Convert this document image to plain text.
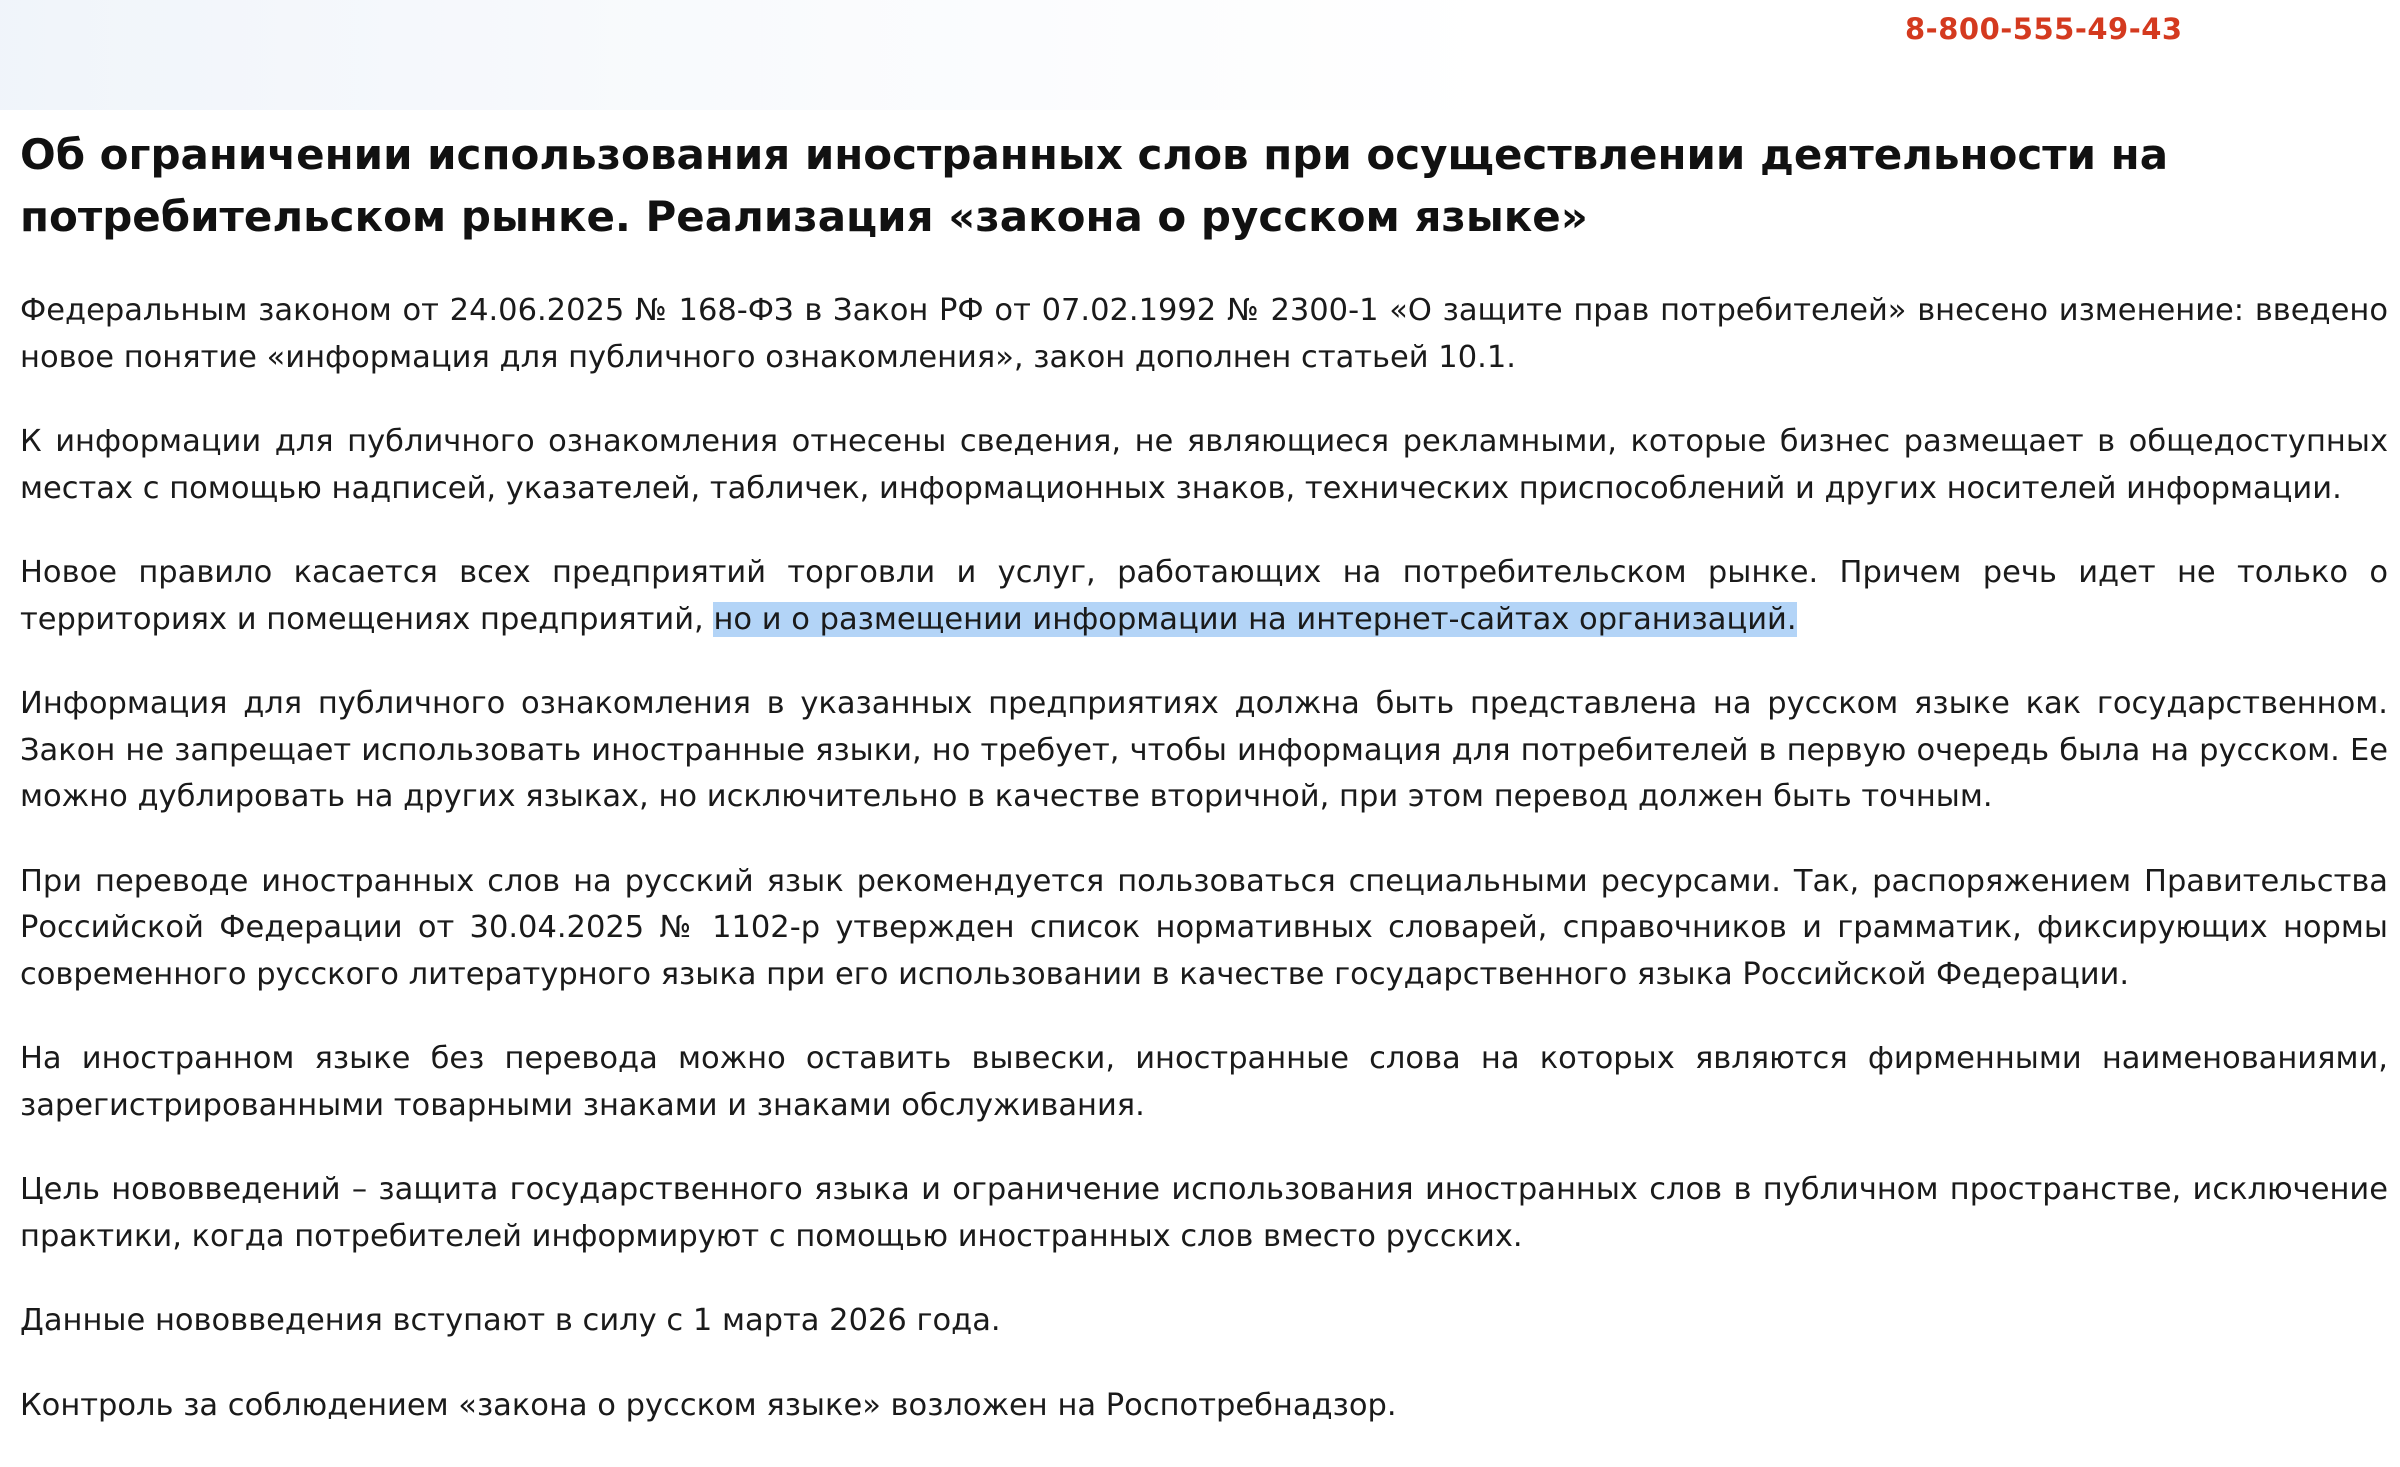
8-800-555-49-43
Об ограничении использования иностранных слов при осуществлении деятельности на потребительском рынке. Реализация «закона о русском языке»

Федеральным законом от 24.06.2025 № 168-ФЗ в Закон РФ от 07.02.1992 № 2300-1 «О защите прав потребителей» внесено изменение: введено новое понятие «информация для публичного ознакомления», закон дополнен статьей 10.1.

К информации для публичного ознакомления отнесены сведения, не являющиеся рекламными, которые бизнес размещает в общедоступных местах с помощью надписей, указателей, табличек, информационных знаков, технических приспособлений и других носителей информации.

Новое правило касается всех предприятий торговли и услуг, работающих на потребительском рынке. Причем речь идет не только о территориях и помещениях предприятий, но и о размещении информации на интернет-сайтах организаций.

Информация для публичного ознакомления в указанных предприятиях должна быть представлена на русском языке как государственном. Закон не запрещает использовать иностранные языки, но требует, чтобы информация для потребителей в первую очередь была на русском. Ее можно дублировать на других языках, но исключительно в качестве вторичной, при этом перевод должен быть точным.

При переводе иностранных слов на русский язык рекомендуется пользоваться специальными ресурсами. Так, распоряжением Правительства Российской Федерации от 30.04.2025 № 1102-р утвержден список нормативных словарей, справочников и грамматик, фиксирующих нормы современного русского литературного языка при его использовании в качестве государственного языка Российской Федерации.

На иностранном языке без перевода можно оставить вывески, иностранные слова на которых являются фирменными наименованиями, зарегистрированными товарными знаками и знаками обслуживания.

Цель нововведений – защита государственного языка и ограничение использования иностранных слов в публичном пространстве, исключение практики, когда потребителей информируют с помощью иностранных слов вместо русских.

Данные нововведения вступают в силу с 1 марта 2026 года.

Контроль за соблюдением «закона о русском языке» возложен на Роспотребнадзор.
